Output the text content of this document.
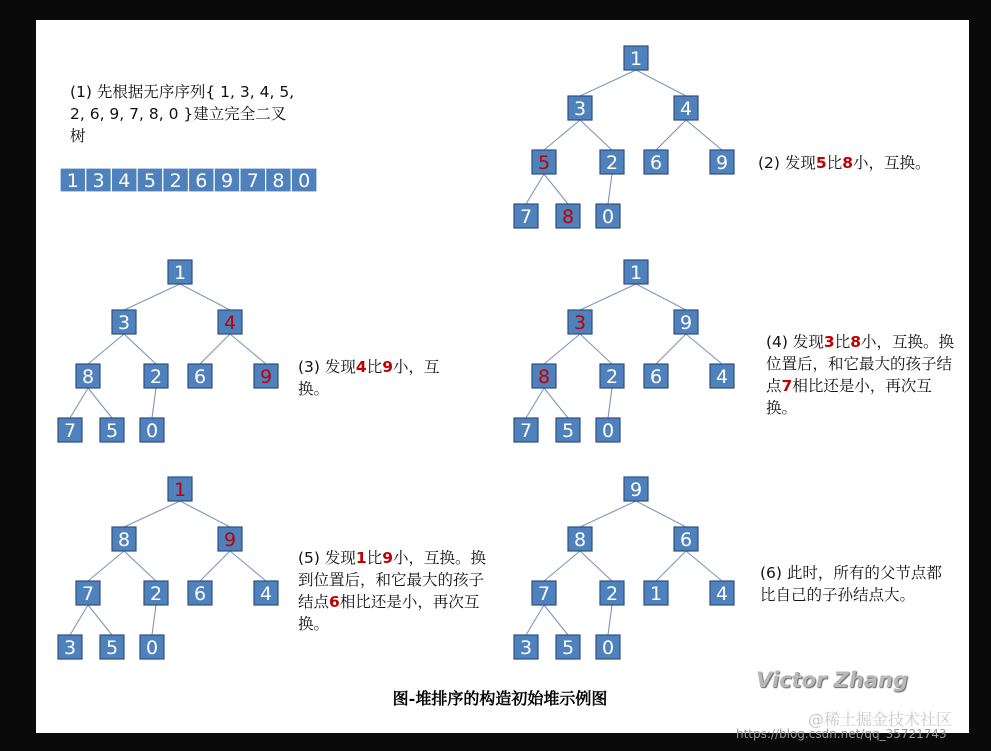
1
3	4
5	2 6	9
7 8 0
1
3	4
8	2 6	9
7 5 0
1
3	9
8	2 6	4
7 5 0
1
8	9
7	2 6	4
3 5 0
9
8	6
7	2 1	4
3 5 0
1 3 4 5 2 6 9 7 8 0
(1) 先根据无序序列{ 1, 3, 4, 5,
2, 6, 9, 7, 8, 0 }建立完全二叉
树
(2) 发现5比8小，互换。
(3) 发现4比9小，互换。
(4) 发现3比8小，互换。换位置后，和它最大的孩子结点7相比还是小，再次互换。
(5) 发现1比9小，互换。换到位置后，和它最大的孩子结点6相比还是小，再次互换。
(6) 此时，所有的父节点都比自己的子孙结点大。
Victor Zhang
图-堆排序的构造初始堆示例图
@稀土掘金技术社区
https://blog.csdn.net/qq_35721743
